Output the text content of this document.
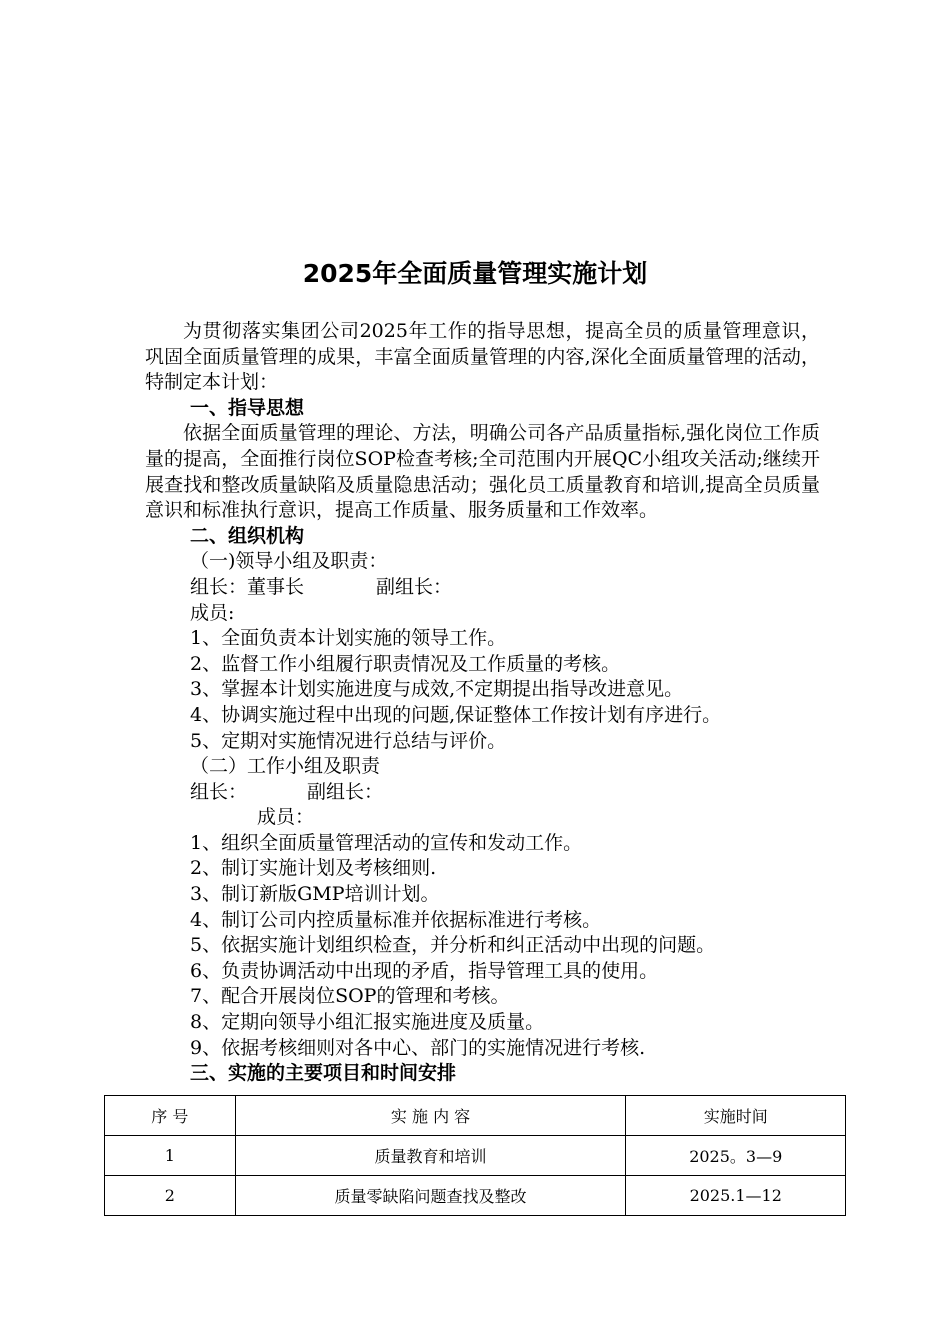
2025年全面质量管理实施计划

为贯彻落实集团公司2025年工作的指导思想，提高全员的质量管理意识，巩固全面质量管理的成果，丰富全面质量管理的内容,深化全面质量管理的活动，特制定本计划：

一、指导思想

依据全面质量管理的理论、方法，明确公司各产品质量指标,强化岗位工作质量的提高，全面推行岗位SOP检查考核;全司范围内开展QC小组攻关活动;继续开展查找和整改质量缺陷及质量隐患活动；强化员工质量教育和培训,提高全员质量意识和标准执行意识，提高工作质量、服务质量和工作效率。

二、组织机构

（一)领导小组及职责：

组长：董事长	副组长：

成员:

1、全面负责本计划实施的领导工作。

2、监督工作小组履行职责情况及工作质量的考核。

3、掌握本计划实施进度与成效,不定期提出指导改进意见。

4、协调实施过程中出现的问题,保证整体工作按计划有序进行。

5、定期对实施情况进行总结与评价。

（二）工作小组及职责

组长：	副组长：

成员：

1、组织全面质量管理活动的宣传和发动工作。

2、制订实施计划及考核细则.

3、制订新版GMP培训计划。

4、制订公司内控质量标准并依据标准进行考核。

5、依据实施计划组织检查，并分析和纠正活动中出现的问题。

6、负责协调活动中出现的矛盾，指导管理工具的使用。

7、配合开展岗位SOP的管理和考核。

8、定期向领导小组汇报实施进度及质量。

9、依据考核细则对各中心、部门的实施情况进行考核.

三、实施的主要项目和时间安排

序 号	实 施 内 容	实施时间
1	质量教育和培训	2025。3—9
2	质量零缺陷问题查找及整改	2025.1—12
